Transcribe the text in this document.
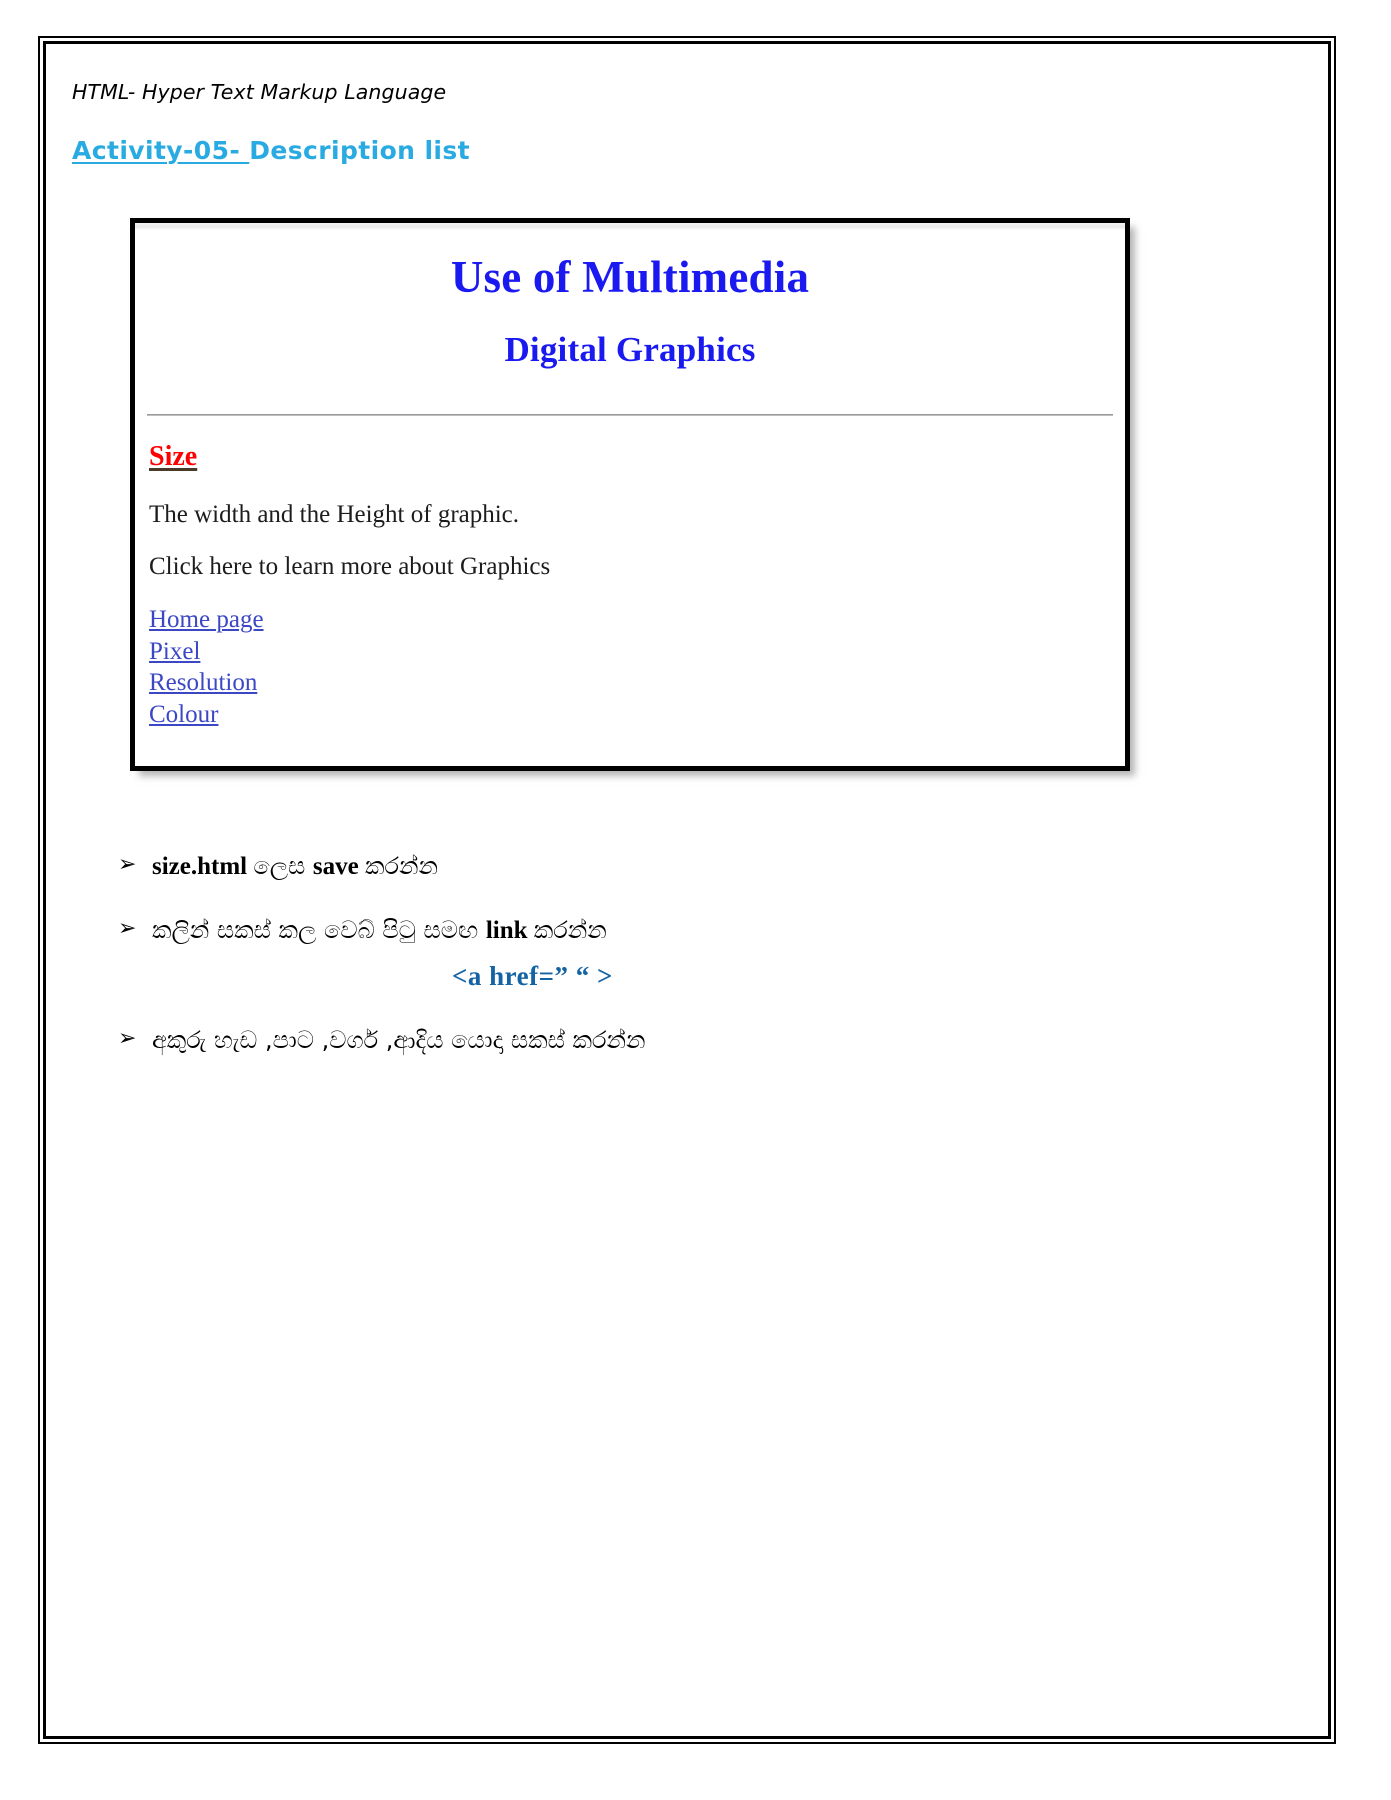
HTML- Hyper Text Markup Language
Activity-05- Description list
Use of Multimedia
Digital Graphics
Size
The width and the Height of graphic.
Click here to learn more about Graphics
Home page
Pixel
Resolution
Colour
➢ size.html ලෙස save කරන්න
➢ කලින් සකස් කල වෙබ් පිටු සමඟ link කරන්න
<a href=” “ >
➢ අකුරු හැඩ ,පාට ,වර්ග ,ආදිය යොදා සකස් කරන්න
